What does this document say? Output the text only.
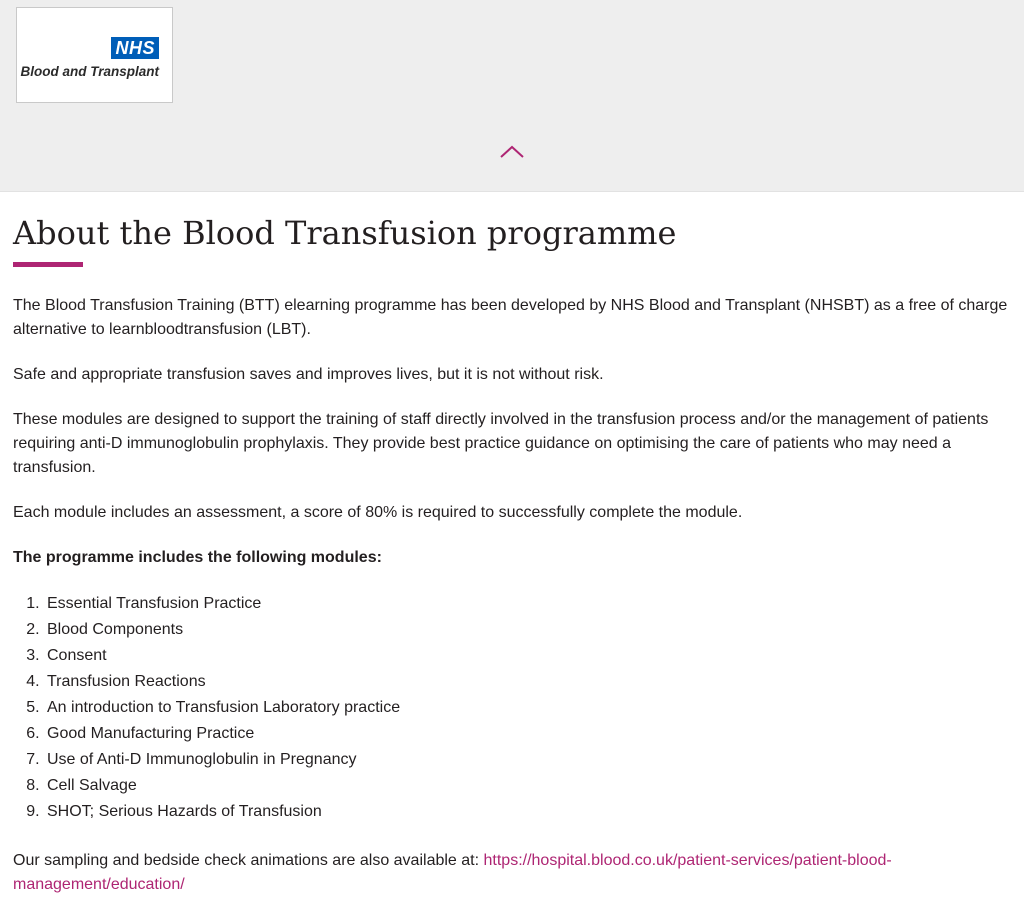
NHS
Blood and Transplant
About the Blood Transfusion programme

The Blood Transfusion Training (BTT) elearning programme has been developed by NHS Blood and Transplant (NHSBT) as a free of charge alternative to learnbloodtransfusion (LBT).

Safe and appropriate transfusion saves and improves lives, but it is not without risk.

These modules are designed to support the training of staff directly involved in the transfusion process and/or the management of patients requiring anti-D immunoglobulin prophylaxis. They provide best practice guidance on optimising the care of patients who may need a transfusion.

Each module includes an assessment, a score of 80% is required to successfully complete the module.

The programme includes the following modules:

1. Essential Transfusion Practice
2. Blood Components
3. Consent
4. Transfusion Reactions
5. An introduction to Transfusion Laboratory practice
6. Good Manufacturing Practice
7. Use of Anti-D Immunoglobulin in Pregnancy
8. Cell Salvage
9. SHOT; Serious Hazards of Transfusion

Our sampling and bedside check animations are also available at: https://hospital.blood.co.uk/patient-services/patient-blood-management/education/
